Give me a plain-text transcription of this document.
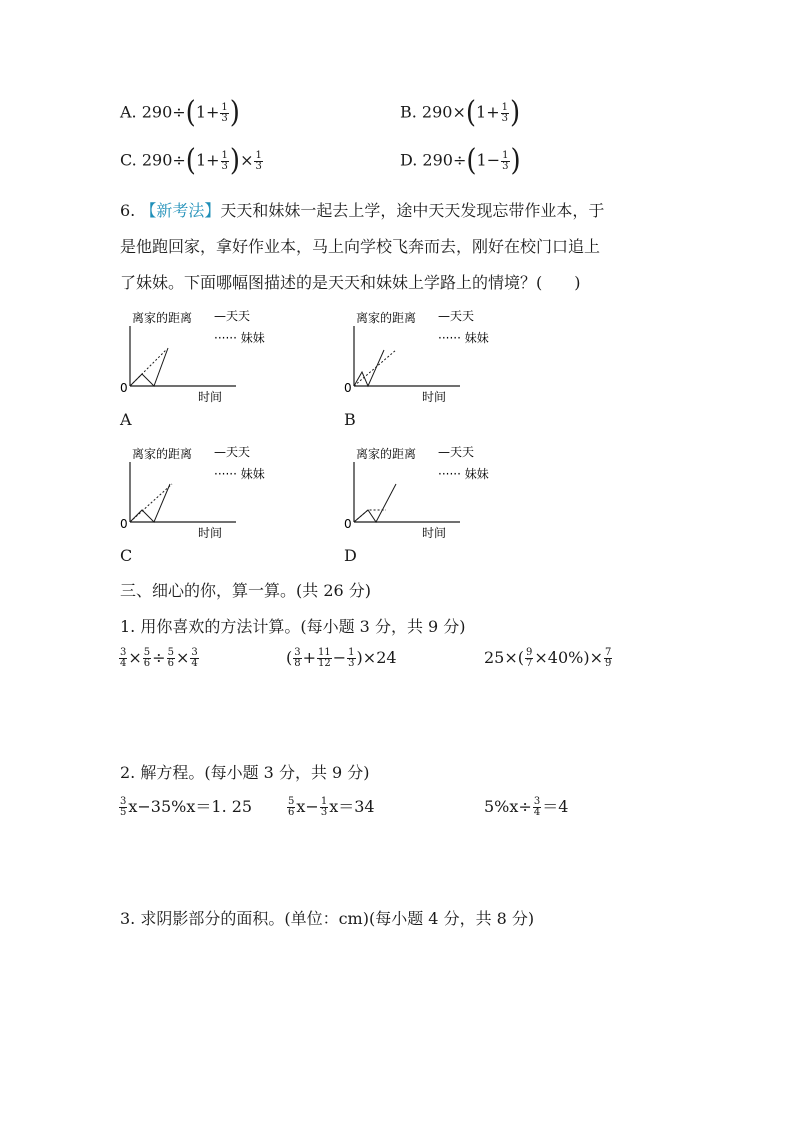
A. $290\div(1+ \frac{1}{3}$ )	B. $290\times(1+ \frac{1}{3}$ )
C. $290\div(1+ \frac{1}{3}$ )× $\frac{1}{3}$	D. $290\div(1- \frac{1}{3}$ )
6. 【新考法】天天和妹妹一起去上学，途中天天发现忘带作业本，于
是他跑回家，拿好作业本，马上向学校飞奔而去，刚好在校门口追上
了妹妹。下面哪幅图描述的是天天和妹妹上学路上的情境？(　　)
离家的距离 —天天
······ 妹妹
0
时间
A
离家的距离 —天天
······ 妹妹
0
时间
B
离家的距离 —天天
······ 妹妹
0
时间
C
离家的距离 —天天
······ 妹妹
0
时间
D
三、细心的你，算一算。(共 26 分)
1. 用你喜欢的方法计算。(每小题 3 分，共 9 分)
$\frac{3}{4} \times \frac{5}{6} \div \frac{5}{6} \times \frac{3}{4}$	( $\frac{3}{8} + \frac{11}{12} - \frac{1}{3} )\times 24$	$25\times( \frac{9}{7} \times 40\%)\times \frac{7}{9}$
2. 解方程。(每小题 3 分，共 9 分)
$\frac{3}{5} x-35\%x=1$. 25	$\frac{5}{6} x- \frac{1}{3} x=34$	$5\%x\div \frac{3}{4} =4$
3. 求阴影部分的面积。(单位：cm)(每小题 4 分，共 8 分)
